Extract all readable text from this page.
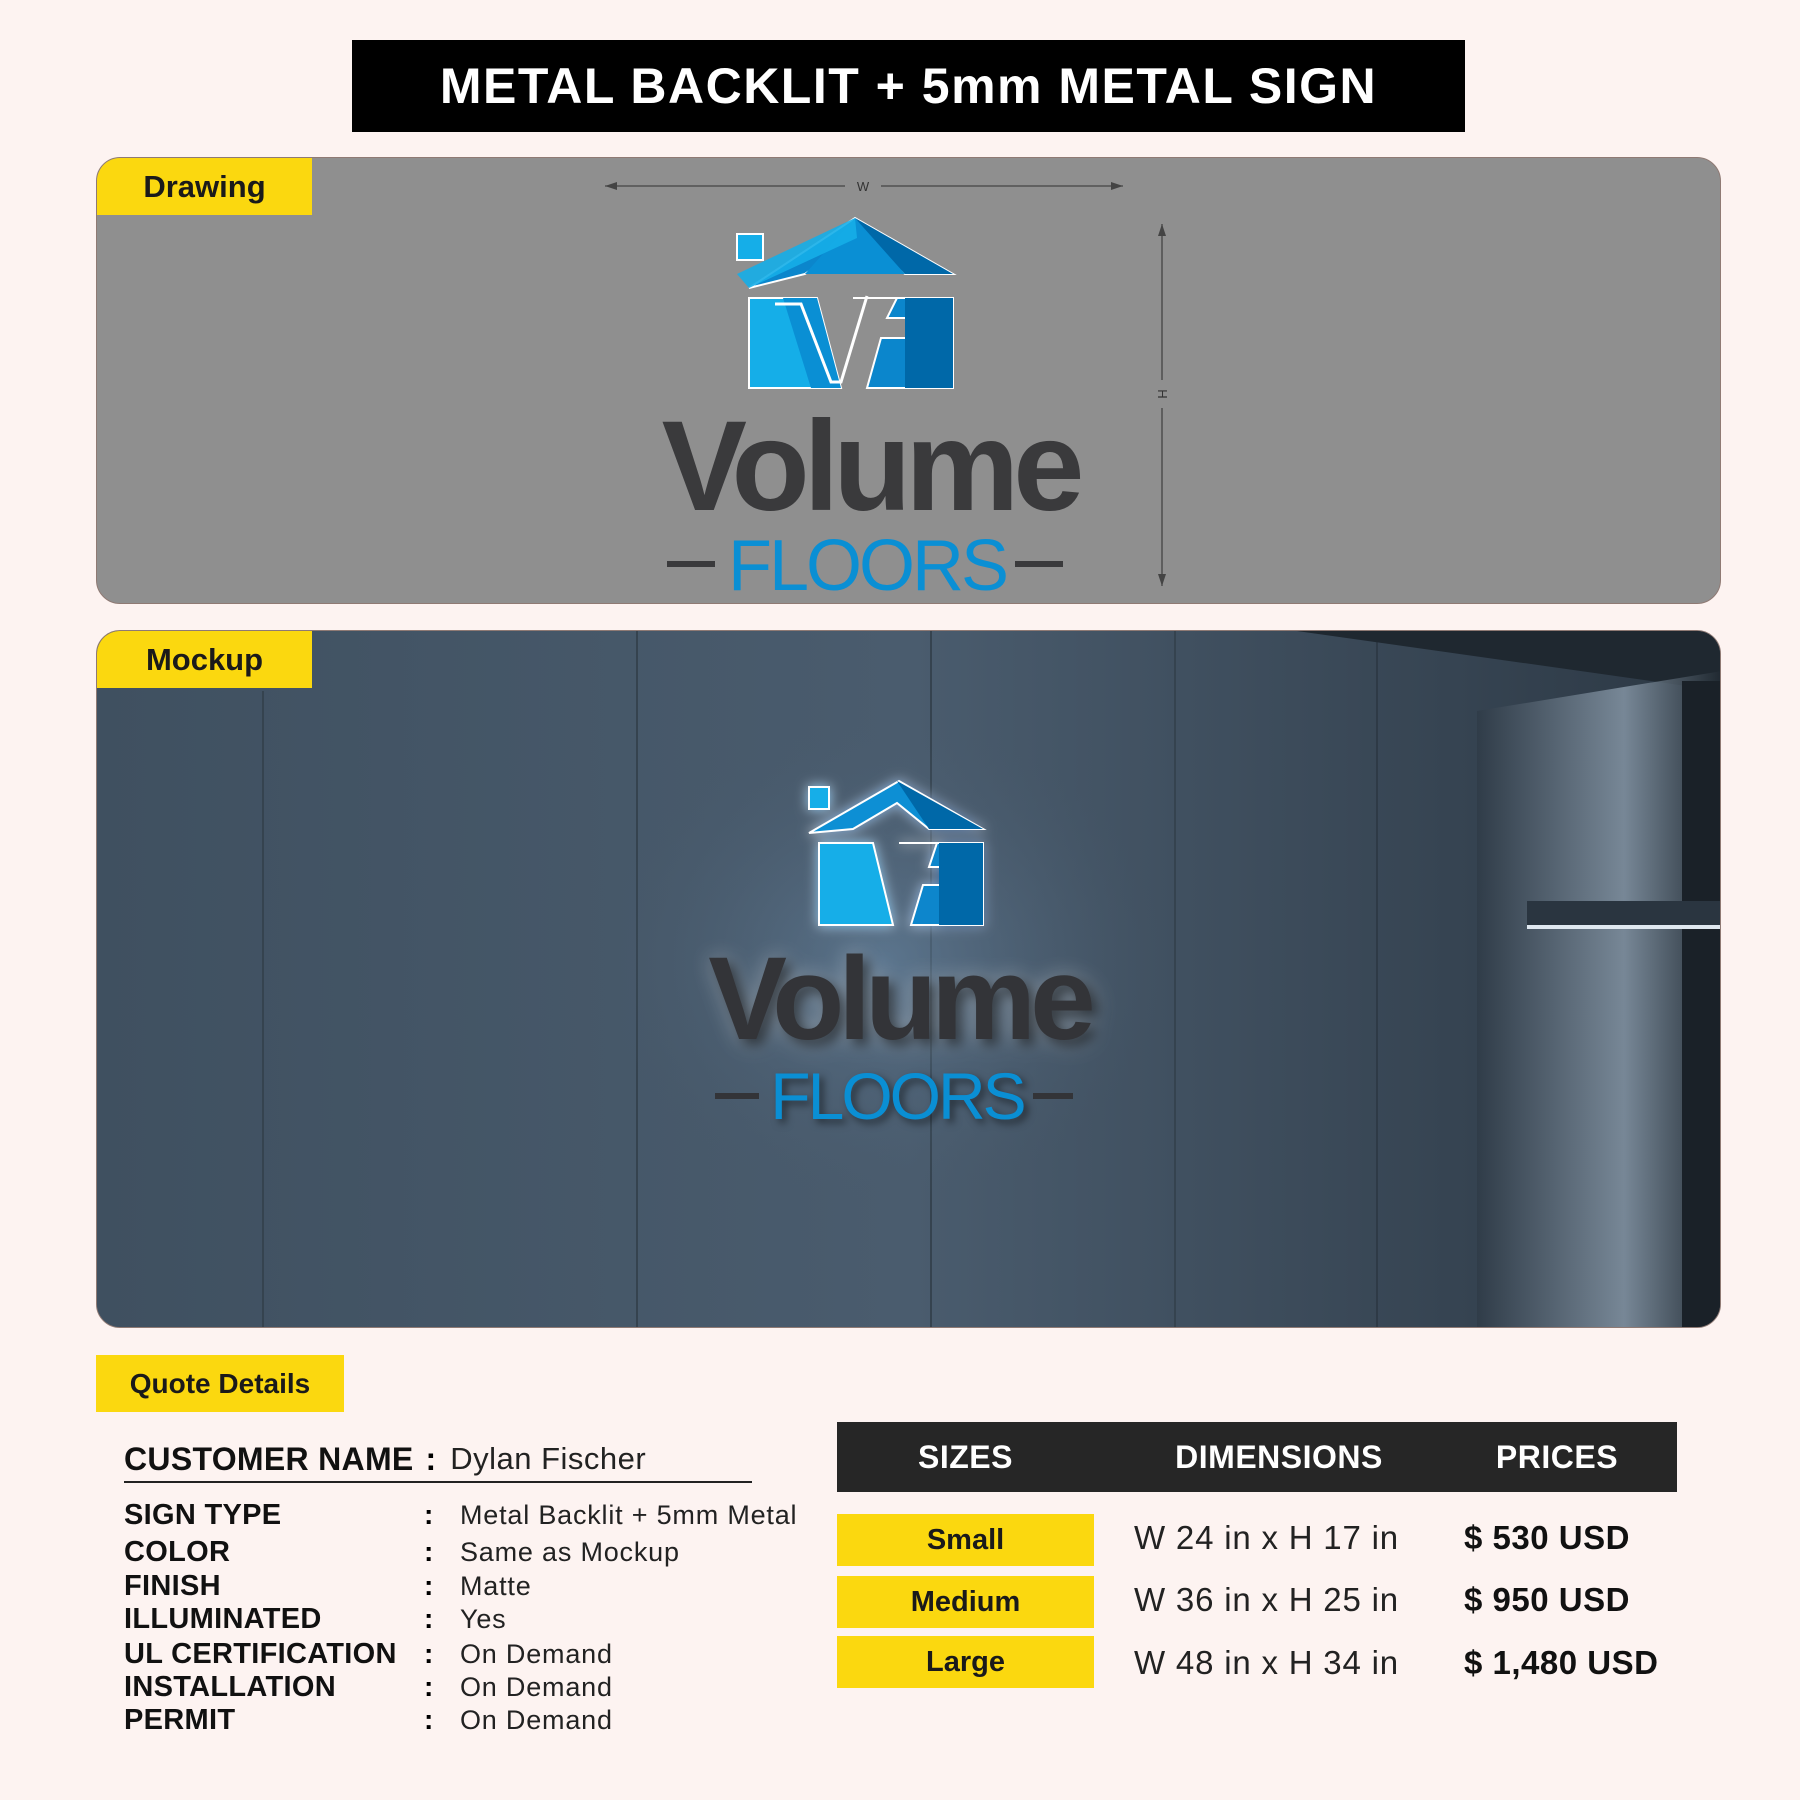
METAL BACKLIT + 5mm METAL SIGN
Drawing	W
H
Volume
FLOORS
Mockup
Volume
FLOORS
Quote Details
CUSTOMER NAME : Dylan Fischer
SIGN TYPE	: Metal Backlit + 5mm Metal
COLOR	: Same as Mockup
FINISH	: Matte
ILLUMINATED	: Yes
UL CERTIFICATION : On Demand
INSTALLATION	: On Demand
PERMIT	: On Demand
SIZES	DIMENSIONS	PRICES
Small	W 24 in x H 17 in $ 530 USD
Medium	W 36 in x H 25 in $ 950 USD
Large	W 48 in x H 34 in $ 1,480 USD
